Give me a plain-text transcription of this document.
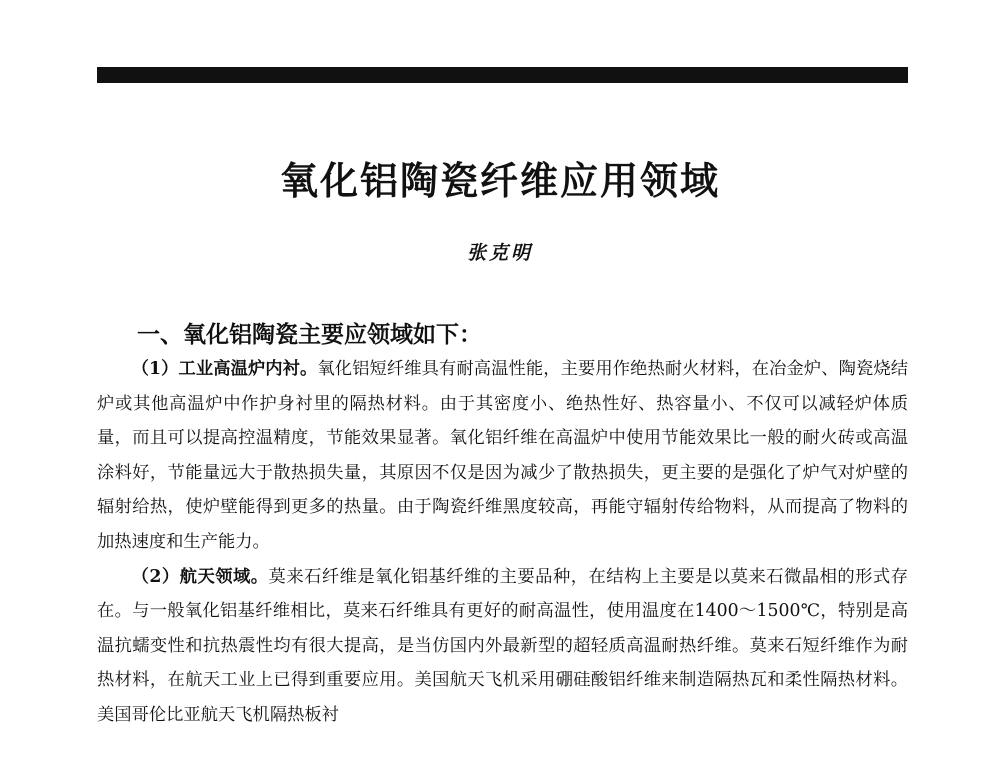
氧化铝陶瓷纤维应用领域
张克明
一、氧化铝陶瓷主要应领域如下：

（1）工业高温炉内衬。氧化铝短纤维具有耐高温性能，主要用作绝热耐火材料，在冶金炉、陶瓷烧结炉或其他高温炉中作护身衬里的隔热材料。由于其密度小、绝热性好、热容量小、不仅可以减轻炉体质量，而且可以提高控温精度，节能效果显著。氧化铝纤维在高温炉中使用节能效果比一般的耐火砖或高温涂料好，节能量远大于散热损失量，其原因不仅是因为减少了散热损失，更主要的是强化了炉气对炉壁的辐射给热，使炉壁能得到更多的热量。由于陶瓷纤维黑度较高，再能守辐射传给物料，从而提高了物料的加热速度和生产能力。

（2）航天领域。莫来石纤维是氧化铝基纤维的主要品种，在结构上主要是以莫来石微晶相的形式存在。与一般氧化铝基纤维相比，莫来石纤维具有更好的耐高温性，使用温度在1400～1500℃，特别是高温抗蠕变性和抗热震性均有很大提高，是当仿国内外最新型的超轻质高温耐热纤维。莫来石短纤维作为耐热材料，在航天工业上已得到重要应用。美国航天飞机采用硼硅酸铝纤维来制造隔热瓦和柔性隔热材料。美国哥伦比亚航天飞机隔热板衬
